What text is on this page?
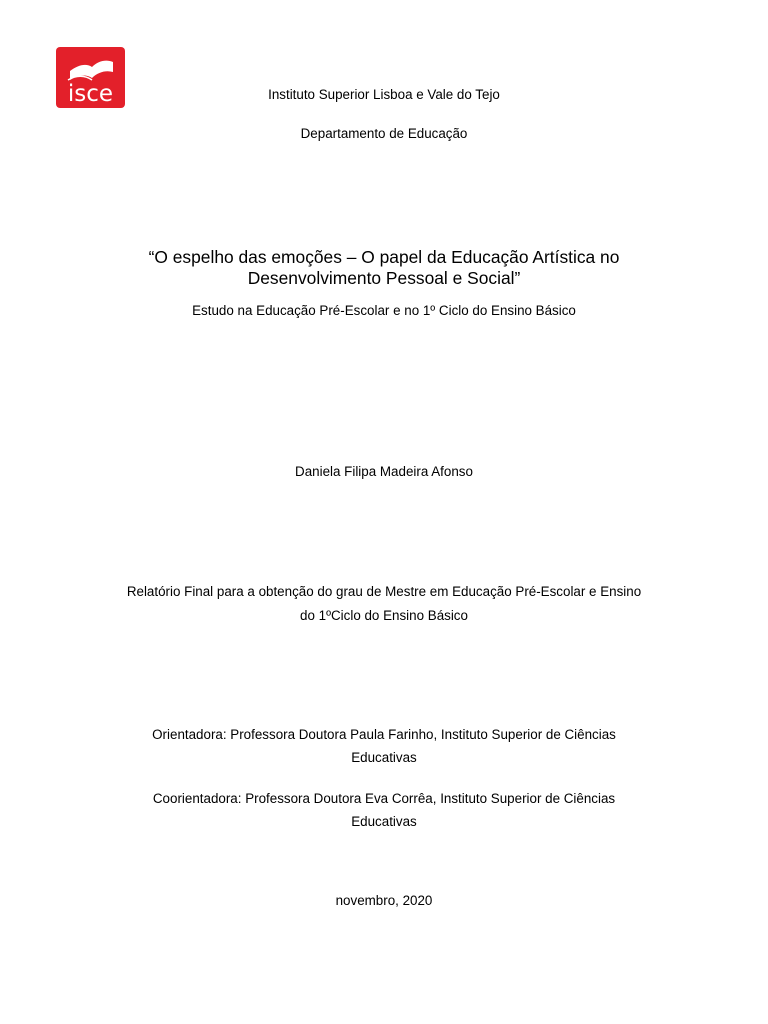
isce	Instituto Superior Lisboa e Vale do Tejo
Departamento de Educação
“O espelho das emoções – O papel da Educação Artística no
Desenvolvimento Pessoal e Social”
Estudo na Educação Pré-Escolar e no 1º Ciclo do Ensino Básico
Daniela Filipa Madeira Afonso
Relatório Final para a obtenção do grau de Mestre em Educação Pré-Escolar e Ensino
do 1ºCiclo do Ensino Básico
Orientadora: Professora Doutora Paula Farinho, Instituto Superior de Ciências
Educativas
Coorientadora: Professora Doutora Eva Corrêa, Instituto Superior de Ciências
Educativas
novembro, 2020
